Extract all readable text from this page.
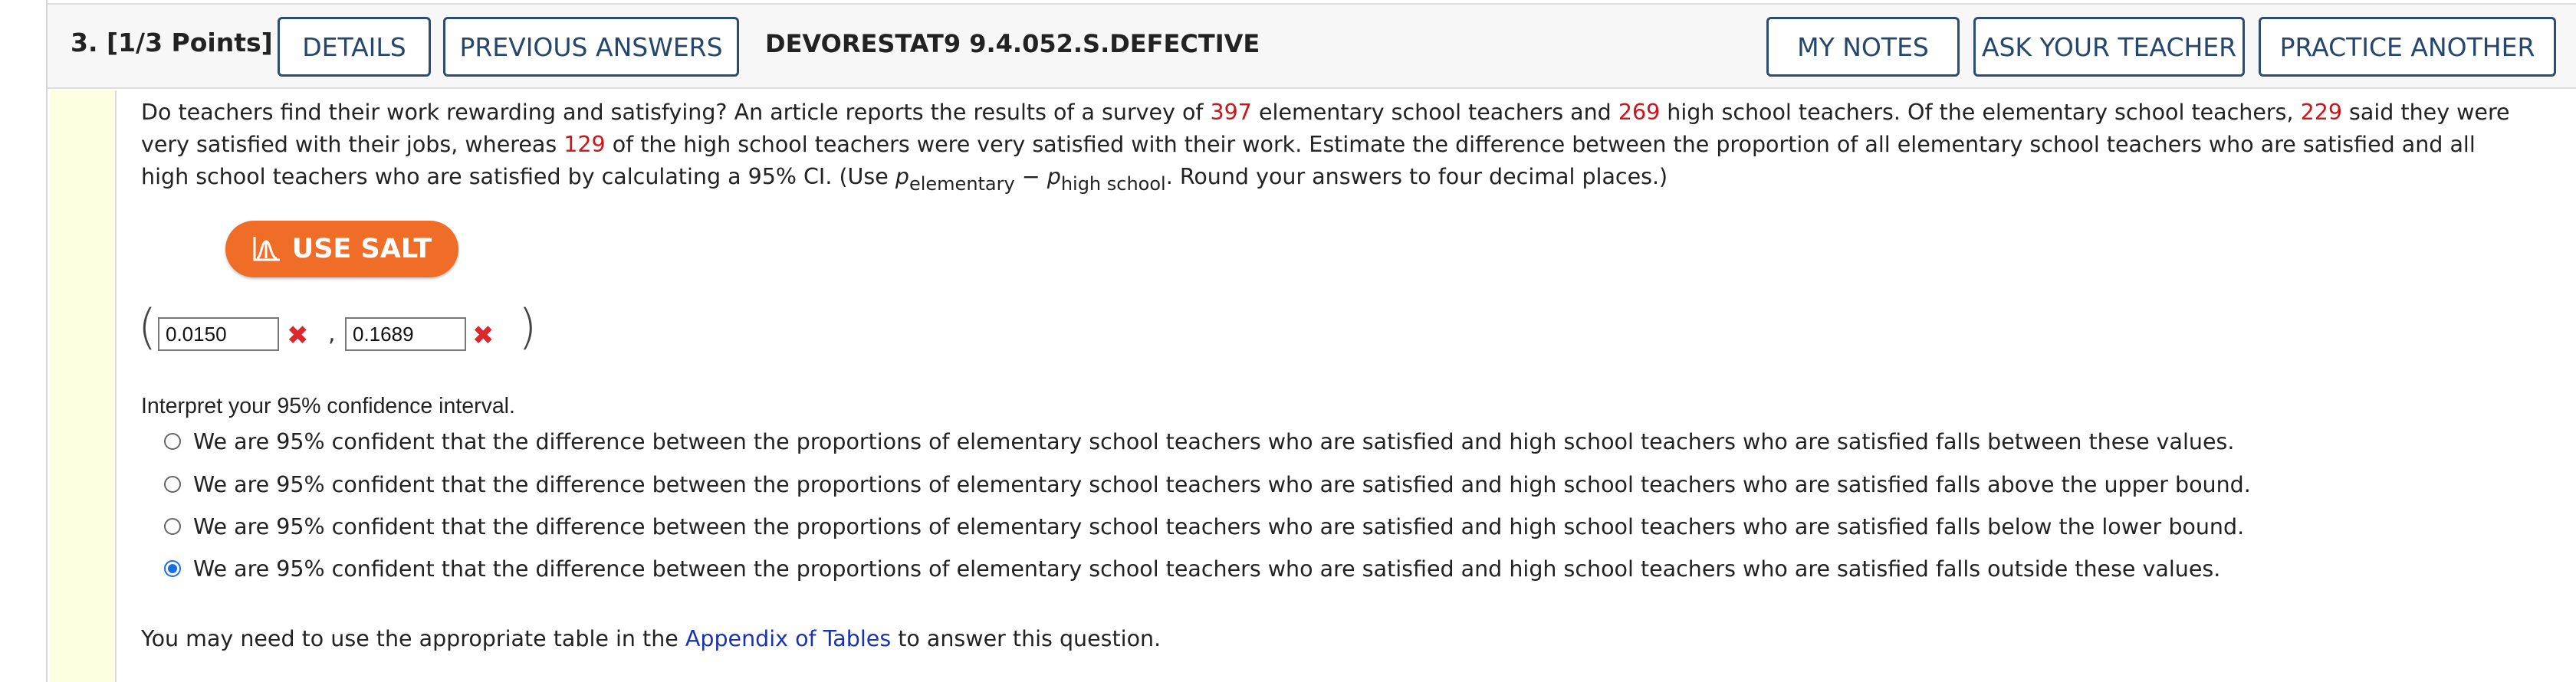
3. [1/3 Points]	DETAILS	PREVIOUS ANSWERS	DEVORESTAT9 9.4.052.S.DEFECTIVE	MY NOTES	ASK YOUR TEACHER	PRACTICE ANOTHER
Do teachers find their work rewarding and satisfying? An article reports the results of a survey of 397 elementary school teachers and 269 high school teachers. Of the elementary school teachers, 229 said they were very satisfied with their jobs, whereas 129 of the high school teachers were very satisfied with their work. Estimate the difference between the proportion of all elementary school teachers who are satisfied and all high school teachers who are satisfied by calculating a 95% CI. (Use $p_{elementary} - p_{high school}$. Round your answers to four decimal places.)
USE SALT
(
0.0150	✖ ,
0.1689	✖ )
Interpret your 95% confidence interval.
We are 95% confident that the difference between the proportions of elementary school teachers who are satisfied and high school teachers who are satisfied falls between these values.
We are 95% confident that the difference between the proportions of elementary school teachers who are satisfied and high school teachers who are satisfied falls above the upper bound.
We are 95% confident that the difference between the proportions of elementary school teachers who are satisfied and high school teachers who are satisfied falls below the lower bound.
We are 95% confident that the difference between the proportions of elementary school teachers who are satisfied and high school teachers who are satisfied falls outside these values.
You may need to use the appropriate table in the Appendix of Tables to answer this question.
